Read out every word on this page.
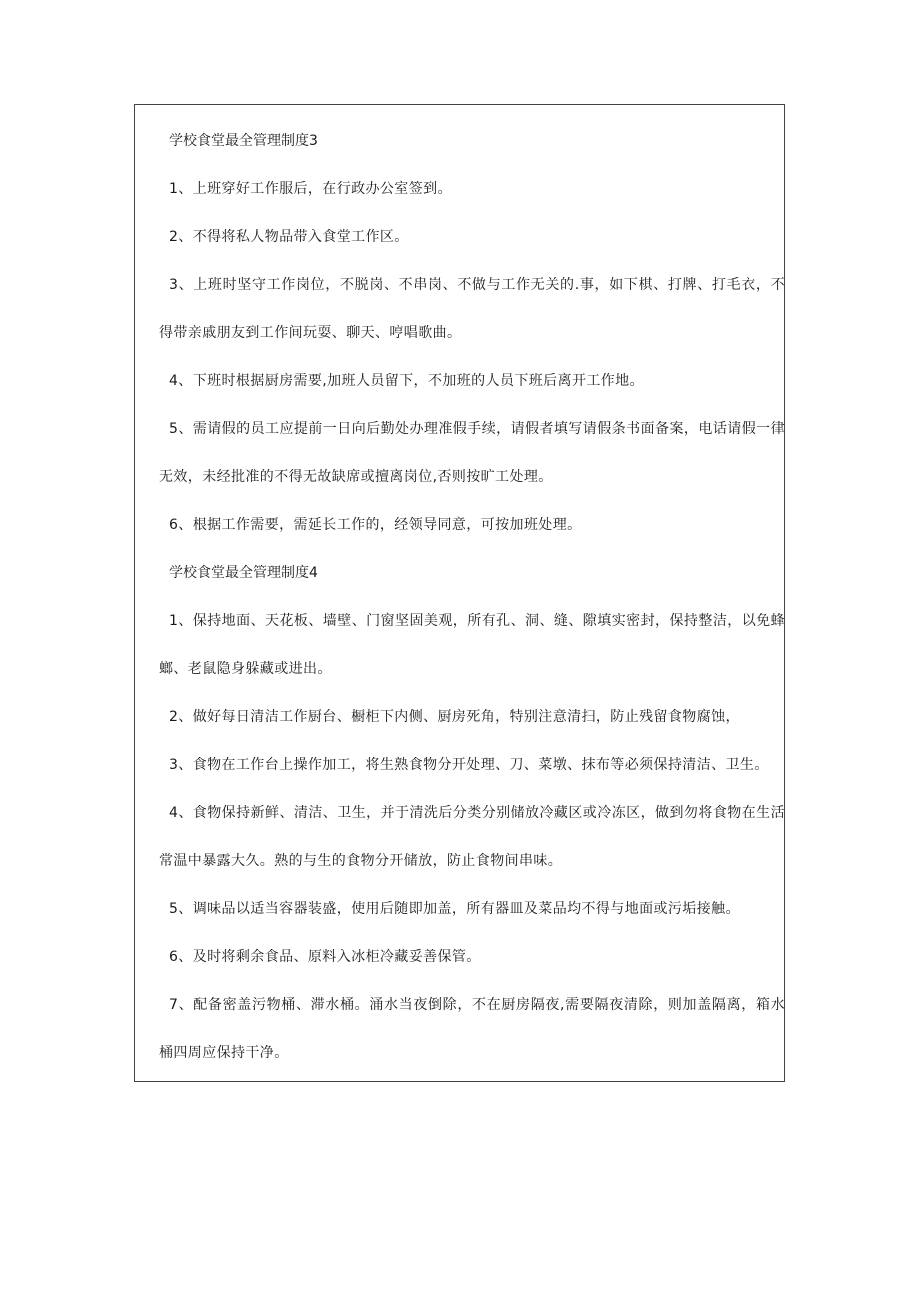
学校食堂最全管理制度3

1、上班穿好工作服后，在行政办公室签到。

2、不得将私人物品带入食堂工作区。

3、上班时坚守工作岗位，不脱岗、不串岗、不做与工作无关的.事，如下棋、打牌、打毛衣，不得带亲戚朋友到工作间玩耍、聊天、哼唱歌曲。

4、下班时根据厨房需要,加班人员留下，不加班的人员下班后离开工作地。

5、需请假的员工应提前一日向后勤处办理准假手续，请假者填写请假条书面备案，电话请假一律无效，未经批准的不得无故缺席或擅离岗位,否则按旷工处理。

6、根据工作需要，需延长工作的，经领导同意，可按加班处理。

学校食堂最全管理制度4

1、保持地面、天花板、墙壁、门窗坚固美观，所有孔、洞、缝、隙填实密封，保持整洁，以免蜂螂、老鼠隐身躲藏或进出。

2、做好每日清洁工作厨台、橱柜下内侧、厨房死角，特别注意清扫，防止残留食物腐蚀，

3、食物在工作台上操作加工，将生熟食物分开处理、刀、菜墩、抹布等必须保持清洁、卫生。

4、食物保持新鲜、清洁、卫生，并于清洗后分类分别储放冷藏区或冷冻区，做到勿将食物在生活常温中暴露大久。熟的与生的食物分开储放，防止食物间串味。

5、调味品以适当容器装盛，使用后随即加盖，所有器皿及菜品均不得与地面或污垢接触。

6、及时将剩余食品、原料入冰柜冷藏妥善保管。

7、配备密盖污物桶、滞水桶。涌水当夜倒除，不在厨房隔夜,需要隔夜清除，则加盖隔离，箱水桶四周应保持干净。
